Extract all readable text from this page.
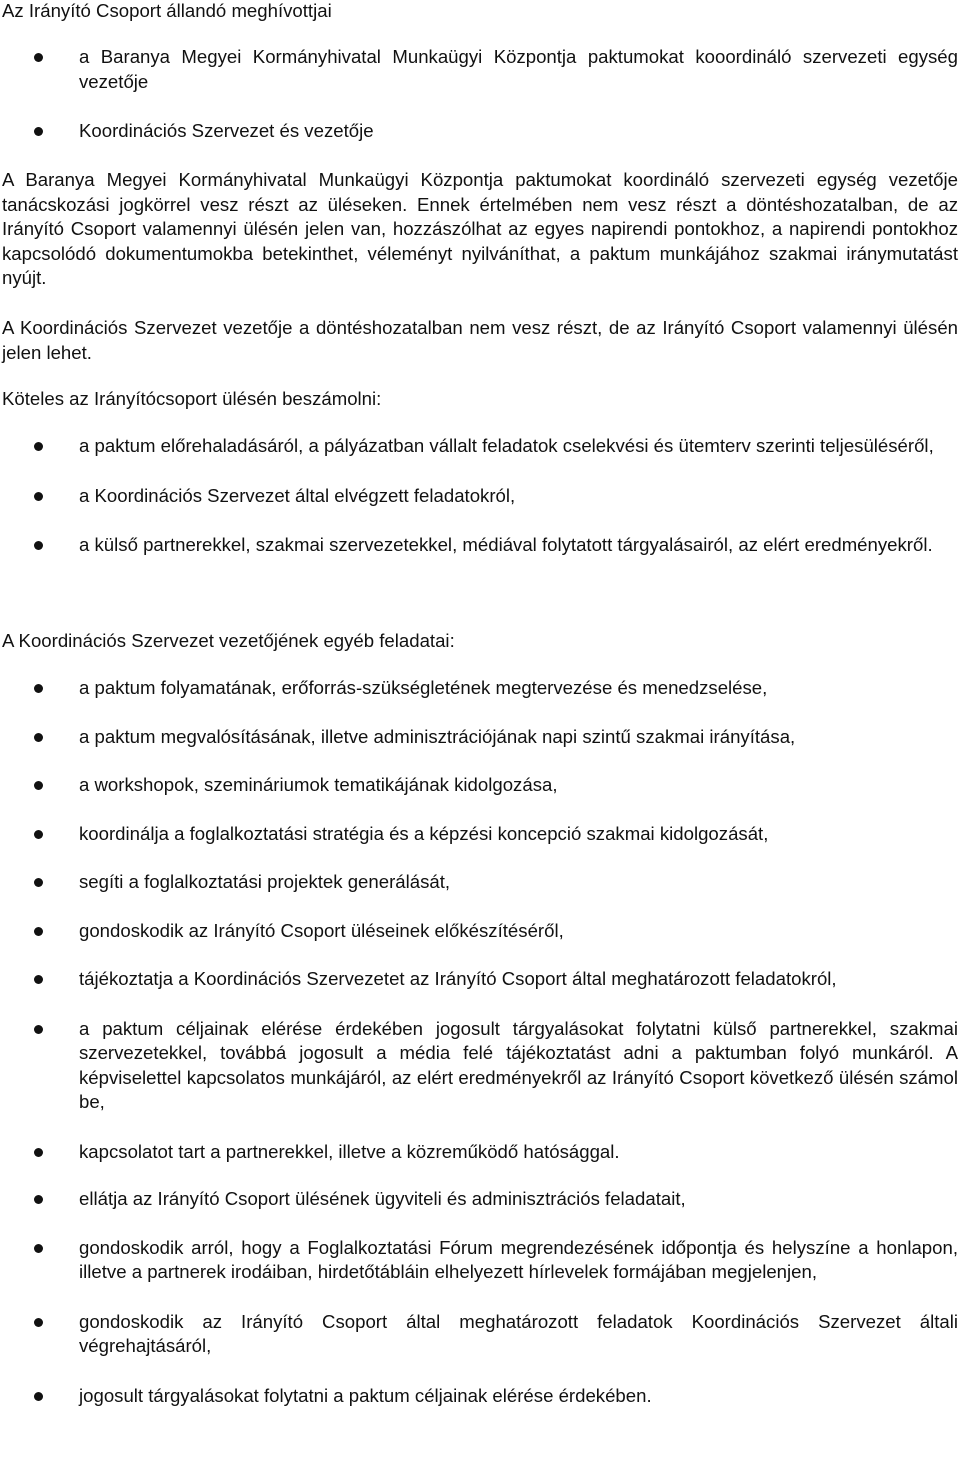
Az Irányító Csoport állandó meghívottjai

a Baranya Megyei Kormányhivatal Munkaügyi Központja paktumokat kooordináló szervezeti egység vezetője
Koordinációs Szervezet és vezetője

A Baranya Megyei Kormányhivatal Munkaügyi Központja paktumokat koordináló szervezeti egység vezetője tanácskozási jogkörrel vesz részt az üléseken. Ennek értelmében nem vesz részt a döntéshozatalban, de az Irányító Csoport valamennyi ülésén jelen van, hozzászólhat az egyes napirendi pontokhoz, a napirendi pontokhoz kapcsolódó dokumentumokba betekinthet, véleményt nyilváníthat, a paktum munkájához szakmai iránymutatást nyújt.

A Koordinációs Szervezet vezetője a döntéshozatalban nem vesz részt, de az Irányító Csoport valamennyi ülésén jelen lehet.

Köteles az Irányítócsoport ülésén beszámolni:

a paktum előrehaladásáról, a pályázatban vállalt feladatok cselekvési és ütemterv szerinti teljesüléséről,
a Koordinációs Szervezet által elvégzett feladatokról,
a külső partnerekkel, szakmai szervezetekkel, médiával folytatott tárgyalásairól, az elért eredményekről.

A Koordinációs Szervezet vezetőjének egyéb feladatai:

a paktum folyamatának, erőforrás-szükségletének megtervezése és menedzselése,
a paktum megvalósításának, illetve adminisztrációjának napi szintű szakmai irányítása,
a workshopok, szemináriumok tematikájának kidolgozása,
koordinálja a foglalkoztatási stratégia és a képzési koncepció szakmai kidolgozását,
segíti a foglalkoztatási projektek generálását,
gondoskodik az Irányító Csoport üléseinek előkészítéséről,
tájékoztatja a Koordinációs Szervezetet az Irányító Csoport által meghatározott feladatokról,
a paktum céljainak elérése érdekében jogosult tárgyalásokat folytatni külső partnerekkel, szakmai szervezetekkel, továbbá jogosult a média felé tájékoztatást adni a paktumban folyó munkáról. A képviselettel kapcsolatos munkájáról, az elért eredményekről az Irányító Csoport következő ülésén számol be,
kapcsolatot tart a partnerekkel, illetve a közreműködő hatósággal.
ellátja az Irányító Csoport ülésének ügyviteli és adminisztrációs feladatait,
gondoskodik arról, hogy a Foglalkoztatási Fórum megrendezésének időpontja és helyszíne a honlapon, illetve a partnerek irodáiban, hirdetőtábláin elhelyezett hírlevelek formájában megjelenjen,
gondoskodik az Irányító Csoport által meghatározott feladatok Koordinációs Szervezet általi végrehajtásáról,
jogosult tárgyalásokat folytatni a paktum céljainak elérése érdekében.
